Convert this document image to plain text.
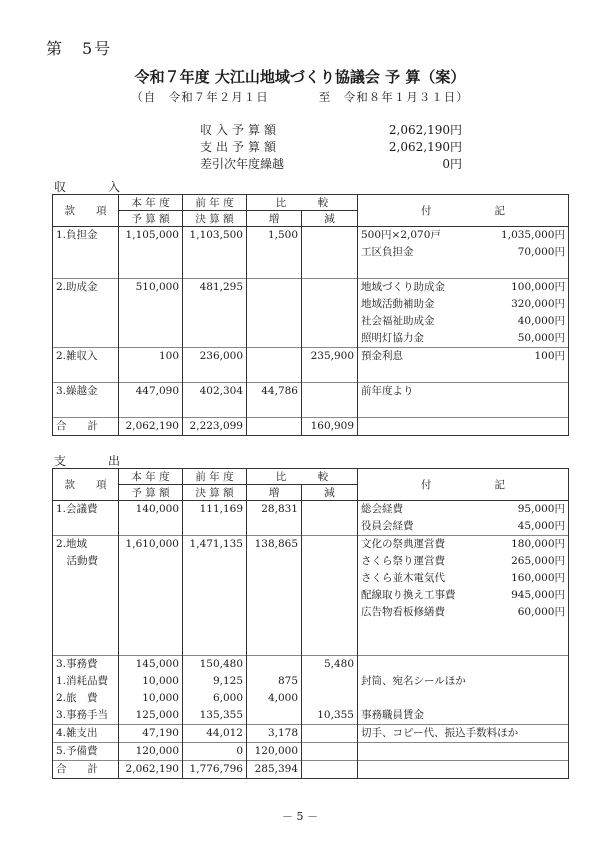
第　5号
令和７年度 大江山地域づくり協議会 予 算（案）
（自　令和７年２月１日　　　　至　令和８年１月３１日）
収入予算額	2,062,190円
支出予算額	2,062,190円
差引次年度繰越	0円
収	入
款　　項	本 年 度	前 年 度	比　　　較		付　　　　　　記
	予 算 額	決 算 額	増	減	
1.負担金	1,105,000	1,103,500	1,500		500円×2,070戸 1,035,000円

					工区負担金 70,000円

2.助成金	510,000	481,295			地域づくり助成金 100,000円

					地域活動補助金 320,000円

					社会福祉助成金 40,000円

					照明灯協力金 50,000円

2.雑収入	100	236,000		235,900	預金利息 100円

3.繰越金	447,090	402,304	44,786		前年度より

合　　計	2,062,190	2,223,099		160,909	
支	出
款　　項	本 年 度	前 年 度	比　　　較		付　　　　　　記
	予 算 額	決 算 額	増	減	
1.会議費	140,000	111,169	28,831		総会経費 95,000円

					役員会経費 45,000円

2.地域	1,610,000	1,471,135	138,865		文化の祭典運営費 180,000円

　活動費					さくら祭り運営費 265,000円

					さくら並木電気代 160,000円

					配線取り換え工事費 945,000円

					広告物看板修繕費 60,000円

3.事務費	145,000	150,480		5,480	

1.消耗品費	10,000	9,125	875		封筒、宛名シールほか

2.旅　費	10,000	6,000	4,000		

3.事務手当	125,000	135,355		10,355	事務職員賃金

4.雑支出	47,190	44,012	3,178		切手、コピー代、振込手数料ほか

5.予備費	120,000	0	120,000		

合　　計	2,062,190	1,776,796	285,394		
－ 5 －
